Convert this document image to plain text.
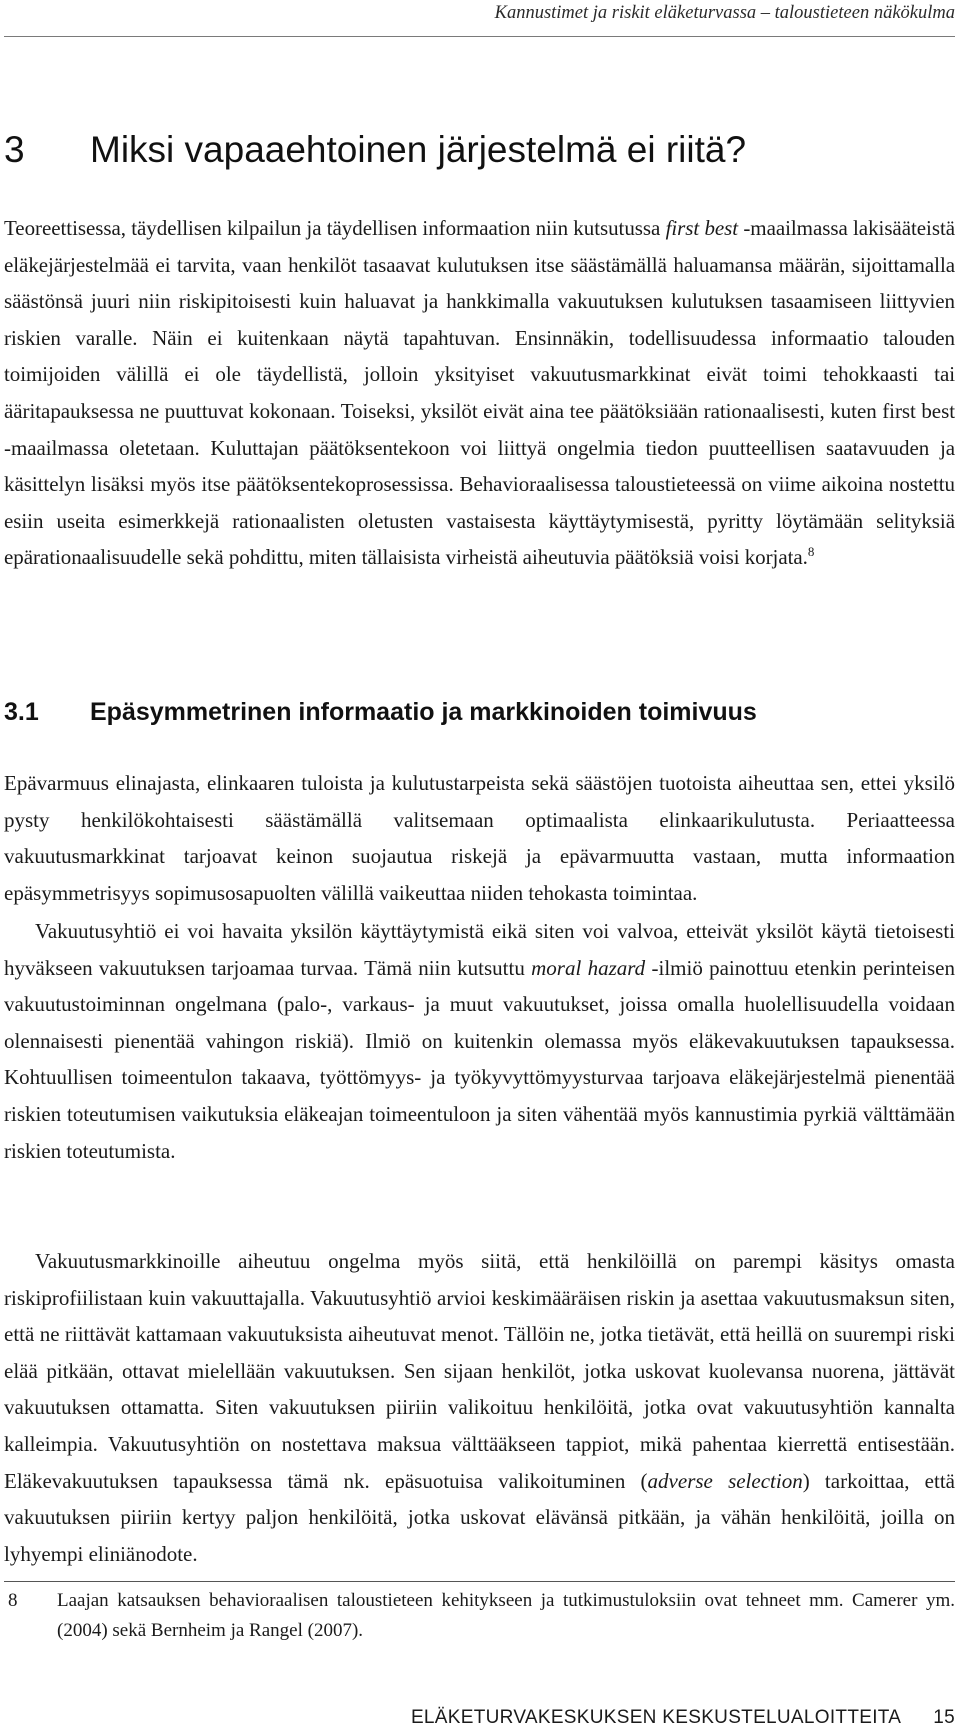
Kannustimet ja riskit eläketurvassa – taloustieteen näkökulma
3 Miksi vapaaehtoinen järjestelmä ei riitä?

Teoreettisessa, täydellisen kilpailun ja täydellisen informaation niin kutsutussa first best -maailmassa lakisääteistä eläkejärjestelmää ei tarvita, vaan henkilöt tasaavat kulutuksen itse säästämällä haluamansa määrän, sijoittamalla säästönsä juuri niin riskipitoisesti kuin haluavat ja hankkimalla vakuutuksen kulutuksen tasaamiseen liittyvien riskien varalle. Näin ei kuitenkaan näytä tapahtuvan. Ensinnäkin, todellisuudessa informaatio talouden toimijoiden välillä ei ole täydellistä, jolloin yksityiset vakuutusmarkkinat eivät toimi tehokkaasti tai ääritapauksessa ne puuttuvat kokonaan. Toiseksi, yksilöt eivät aina tee päätöksiään rationaalisesti, kuten first best -maailmassa oletetaan. Kuluttajan päätöksentekoon voi liittyä ongelmia tiedon puutteellisen saatavuuden ja käsittelyn lisäksi myös itse päätöksentekoprosessissa. Behavioraalisessa taloustieteessä on viime aikoina nostettu esiin useita esimerkkejä rationaalisten oletusten vastaisesta käyttäytymisestä, pyritty löytämään selityksiä epärationaalisuudelle sekä pohdittu, miten tällaisista virheistä aiheutuvia päätöksiä voisi korjata.$^8$

3.1 Epäsymmetrinen informaatio ja markkinoiden toimivuus

Epävarmuus elinajasta, elinkaaren tuloista ja kulutustarpeista sekä säästöjen tuotoista aiheuttaa sen, ettei yksilö pysty henkilökohtaisesti säästämällä valitsemaan optimaalista elinkaarikulutusta. Periaatteessa vakuutusmarkkinat tarjoavat keinon suojautua riskejä ja epävarmuutta vastaan, mutta informaation epäsymmetrisyys sopimusosapuolten välillä vaikeuttaa niiden tehokasta toimintaa.

Vakuutusyhtiö ei voi havaita yksilön käyttäytymistä eikä siten voi valvoa, etteivät yksilöt käytä tietoisesti hyväkseen vakuutuksen tarjoamaa turvaa. Tämä niin kutsuttu moral hazard -ilmiö painottuu etenkin perinteisen vakuutustoiminnan ongelmana (palo-, varkaus- ja muut vakuutukset, joissa omalla huolellisuudella voidaan olennaisesti pienentää vahingon riskiä). Ilmiö on kuitenkin olemassa myös eläkevakuutuksen tapauksessa. Kohtuullisen toimeentulon takaava, työttömyys- ja työkyvyttömyysturvaa tarjoava eläkejärjestelmä pienentää riskien toteutumisen vaikutuksia eläkeajan toimeentuloon ja siten vähentää myös kannustimia pyrkiä välttämään riskien toteutumista.

Vakuutusmarkkinoille aiheutuu ongelma myös siitä, että henkilöillä on parempi käsitys omasta riskiprofiilistaan kuin vakuuttajalla. Vakuutusyhtiö arvioi keskimääräisen riskin ja asettaa vakuutusmaksun siten, että ne riittävät kattamaan vakuutuksista aiheutuvat menot. Tällöin ne, jotka tietävät, että heillä on suurempi riski elää pitkään, ottavat mielellään vakuutuksen. Sen sijaan henkilöt, jotka uskovat kuolevansa nuorena, jättävät vakuutuksen ottamatta. Siten vakuutuksen piiriin valikoituu henkilöitä, jotka ovat vakuutusyhtiön kannalta kalleimpia. Vakuutusyhtiön on nostettava maksua välttääkseen tappiot, mikä pahentaa kierrettä entisestään. Eläkevakuutuksen tapauksessa tämä nk. epäsuotuisa valikoituminen (adverse selection) tarkoittaa, että vakuutuksen piiriin kertyy paljon henkilöitä, jotka uskovat elävänsä pitkään, ja vähän henkilöitä, joilla on lyhyempi eliniänodote.

8	Laajan katsauksen behavioraalisen taloustieteen kehitykseen ja tutkimustuloksiin ovat tehneet mm. Camerer ym. (2004) sekä Bernheim ja Rangel (2007).
ELÄKETURVAKESKUKSEN KESKUSTELUALOITTEITA 15
